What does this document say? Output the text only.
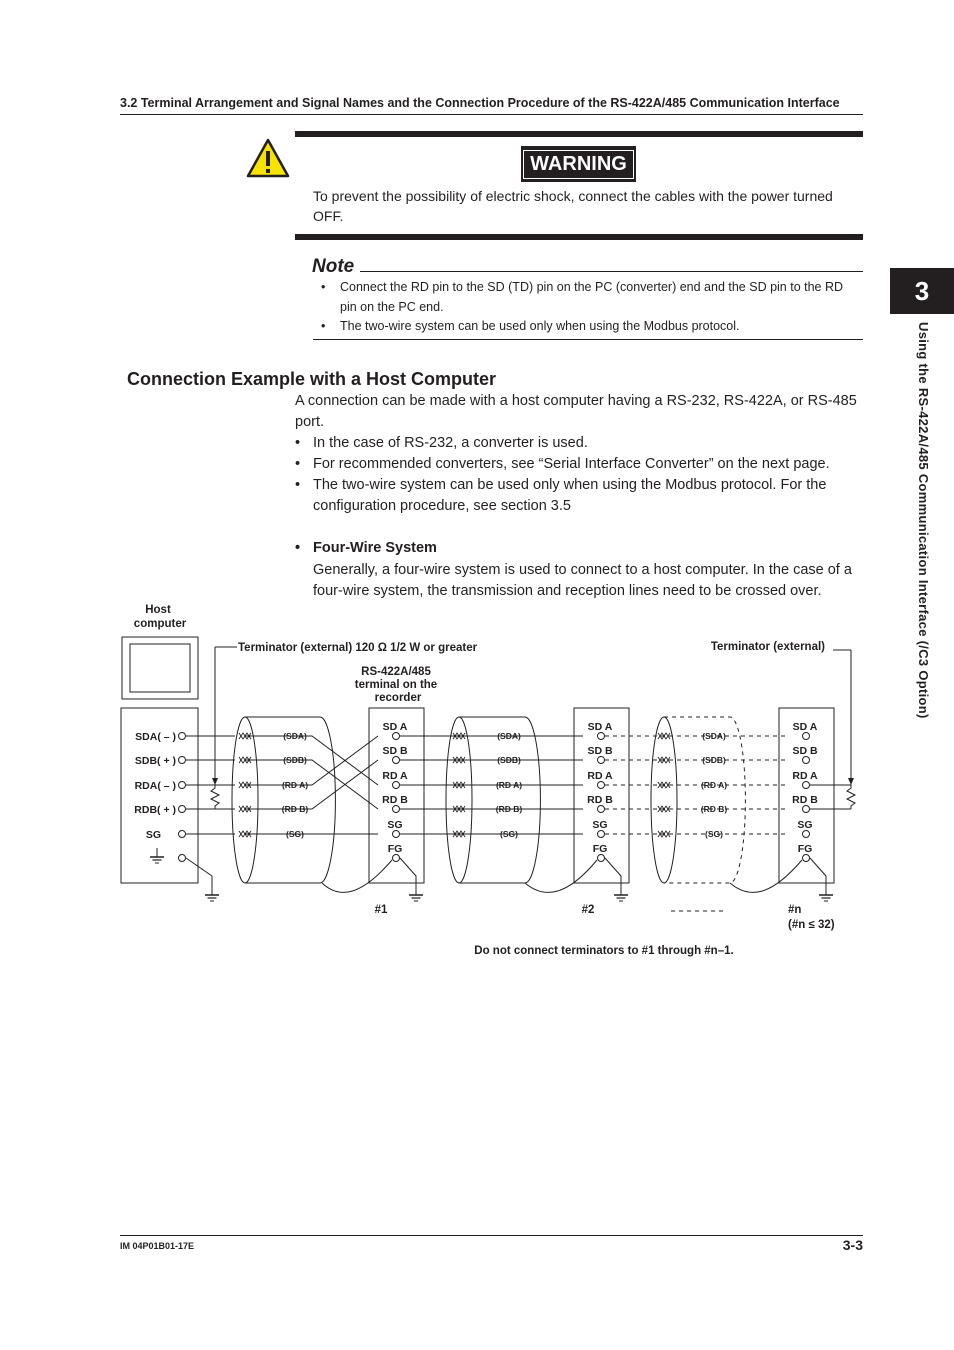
3.2 Terminal Arrangement and Signal Names and the Connection Procedure of the RS-422A/485 Communication Interface
WARNING
To prevent the possibility of electric shock, connect the cables with the power turned OFF.
Note
• Connect the RD pin to the SD (TD) pin on the PC (converter) end and the SD pin to the RD pin on the PC end.
• The two-wire system can be used only when using the Modbus protocol.
3
Using the RS-422A/485 Communication Interface (/C3 Option)
Connection Example with a Host Computer
A connection can be made with a host computer having a RS-232, RS-422A, or RS-485 port.
• In the case of RS-232, a converter is used.
• For recommended converters, see “Serial Interface Converter” on the next page.
• The two-wire system can be used only when using the Modbus protocol. For the configuration procedure, see section 3.5
• Four-Wire System
Generally, a four-wire system is used to connect to a host computer. In the case of a four-wire system, the transmission and reception lines need to be crossed over.
Host
computer
SDA( – )
SDB( + )
RDA( – )
RDB( + )
SG
Terminator (external) 120 Ω 1/2 W or greater
RS-422A/485
terminal on the
recorder
SD A
SD B
RD A
RD B
SG
FG
SD A
SD B
RD A
RD B
SG
FG
SD A
SD B
RD A
RD B
SG
FG
(SDA)
(SDB)
(RD A)
(RD B)
(SG)
(SDA)
(SDB)
(RD A)
(RD B)
(SG)
(SDA)
(SDB)
(RD A)
(RD B)
(SG)
Terminator (external)
#1	#2	#n
(#n ≤ 32)
Do not connect terminators to #1 through #n–1.
IM 04P01B01-17E	3-3
